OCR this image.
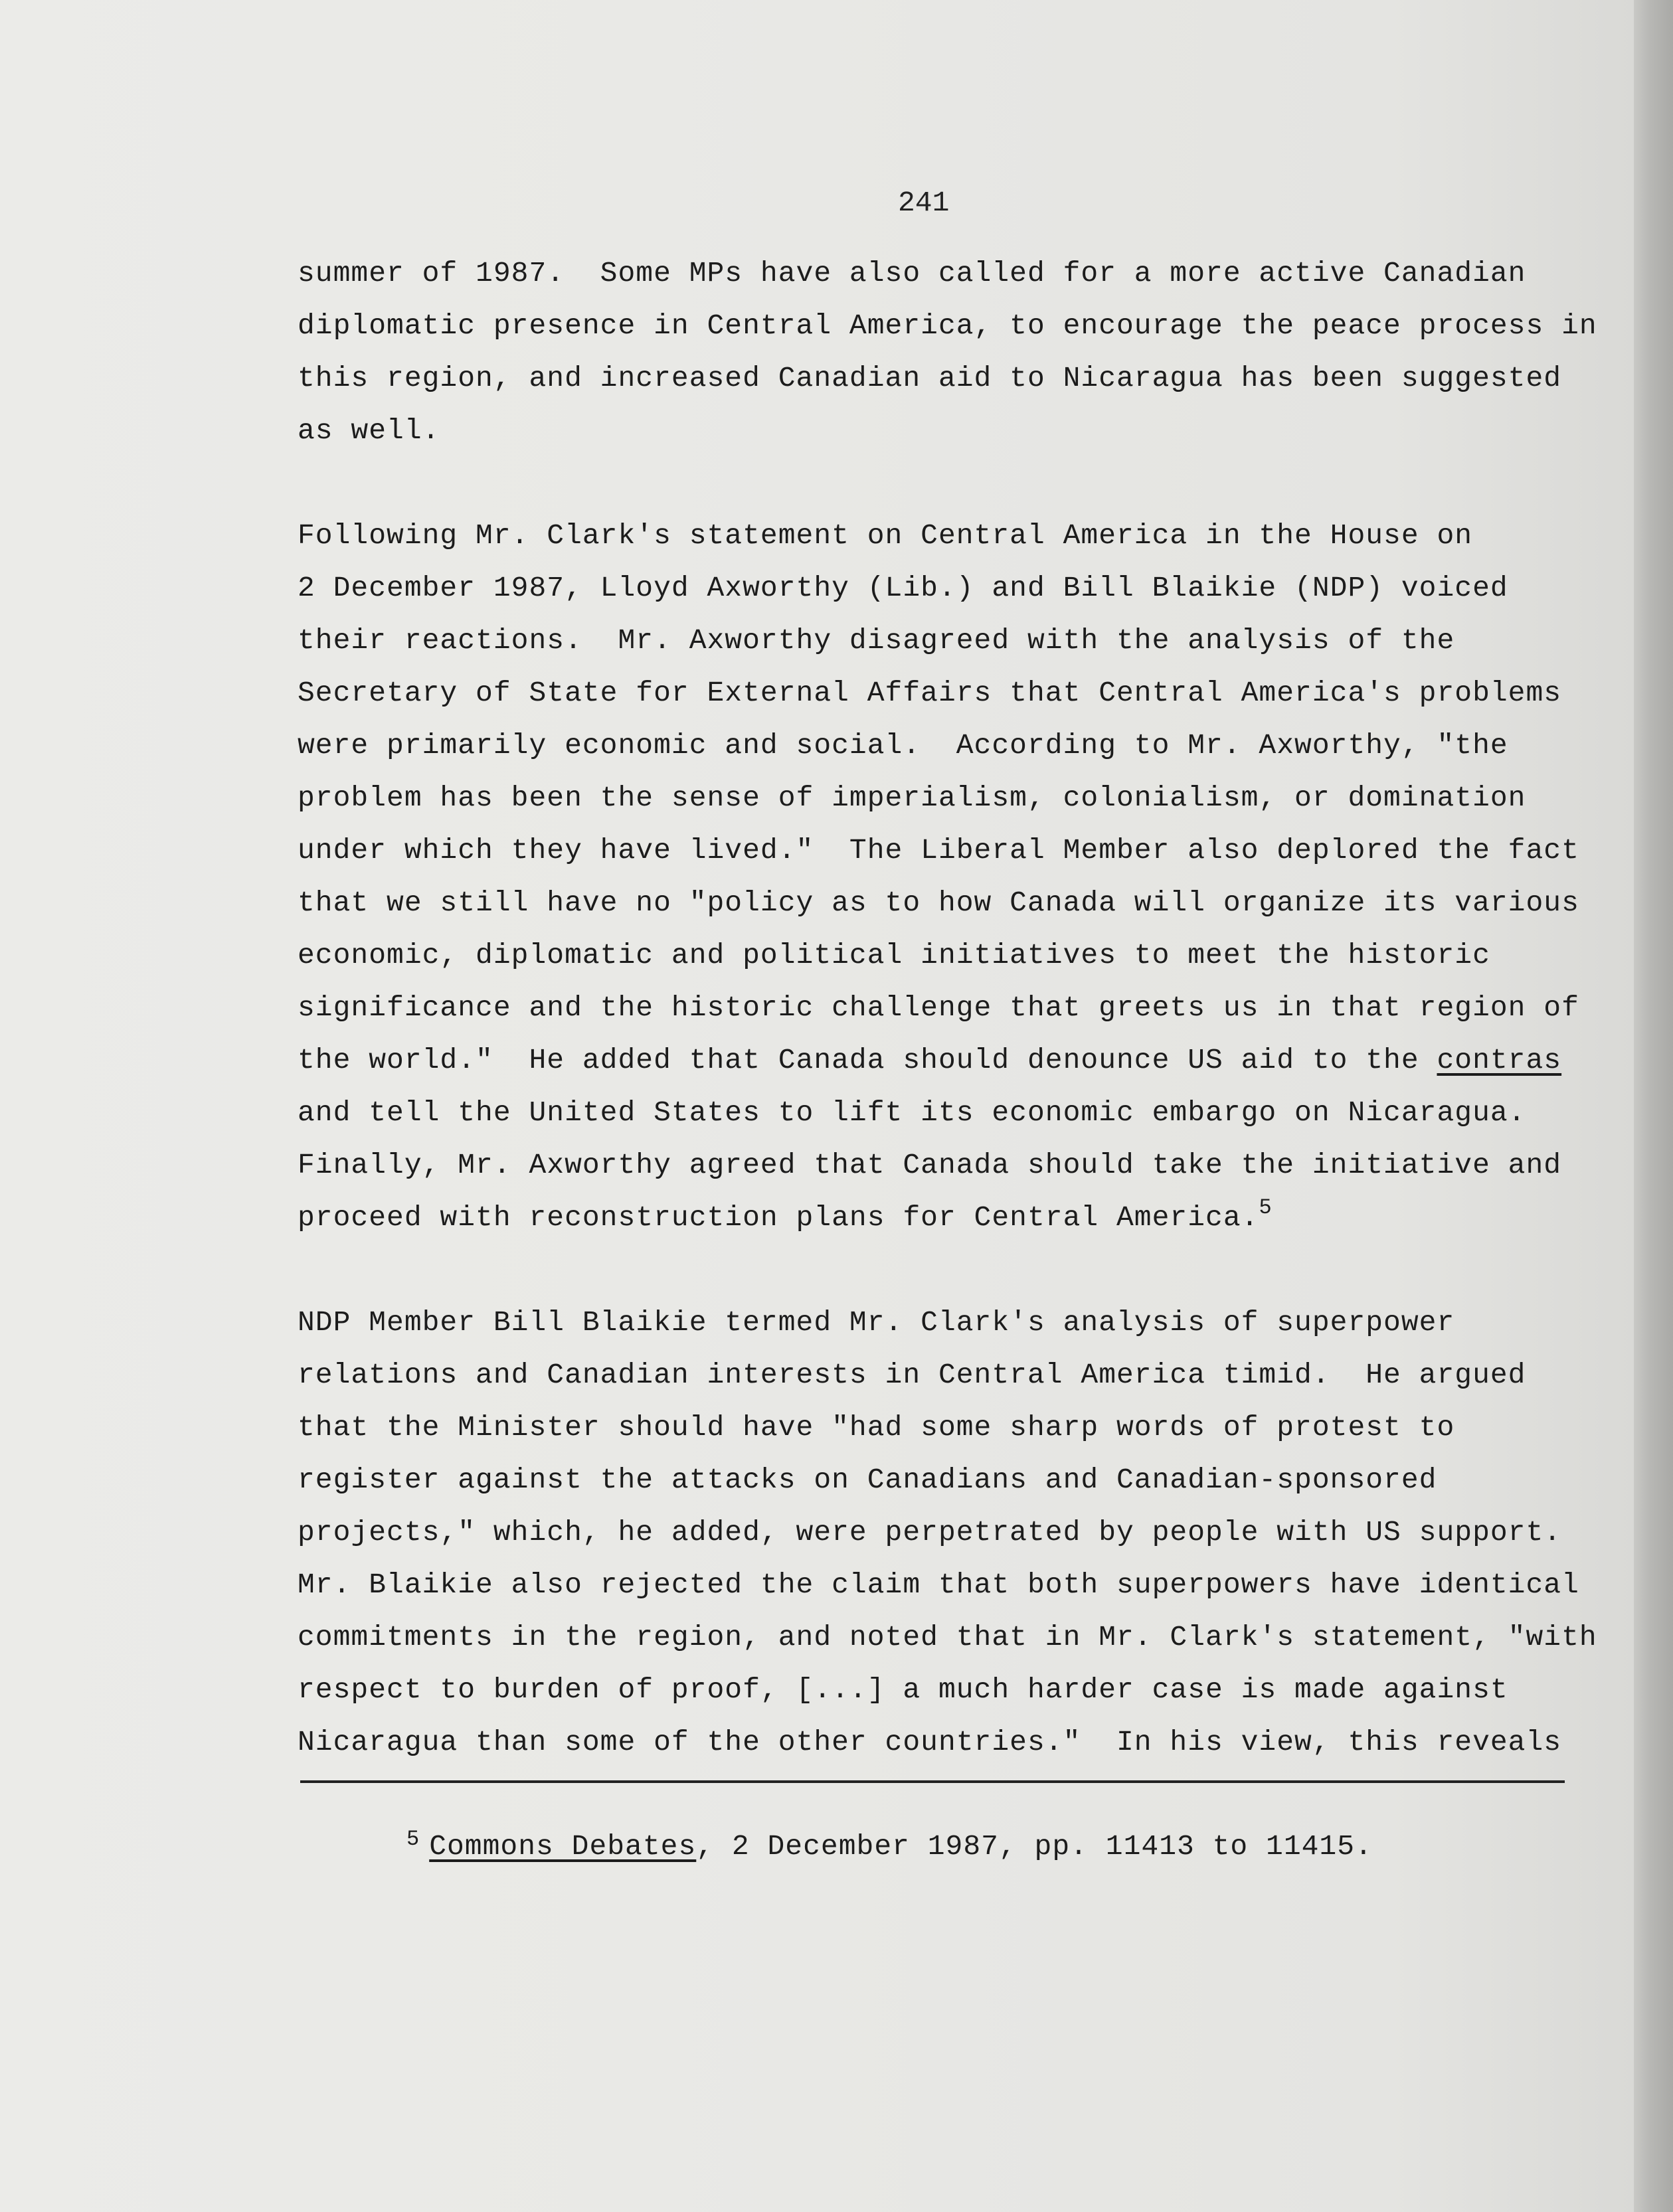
241
summer of 1987.  Some MPs have also called for a more active Canadian
diplomatic presence in Central America, to encourage the peace process in
this region, and increased Canadian aid to Nicaragua has been suggested
as well.
Following Mr. Clark's statement on Central America in the House on
2 December 1987, Lloyd Axworthy (Lib.) and Bill Blaikie (NDP) voiced
their reactions.  Mr. Axworthy disagreed with the analysis of the
Secretary of State for External Affairs that Central America's problems
were primarily economic and social.  According to Mr. Axworthy, "the
problem has been the sense of imperialism, colonialism, or domination
under which they have lived."  The Liberal Member also deplored the fact
that we still have no "policy as to how Canada will organize its various
economic, diplomatic and political initiatives to meet the historic
significance and the historic challenge that greets us in that region of
the world."  He added that Canada should denounce US aid to the contras
and tell the United States to lift its economic embargo on Nicaragua.
Finally, Mr. Axworthy agreed that Canada should take the initiative and
proceed with reconstruction plans for Central America.$^5$
NDP Member Bill Blaikie termed Mr. Clark's analysis of superpower
relations and Canadian interests in Central America timid.  He argued
that the Minister should have "had some sharp words of protest to
register against the attacks on Canadians and Canadian-sponsored
projects," which, he added, were perpetrated by people with US support.
Mr. Blaikie also rejected the claim that both superpowers have identical
commitments in the region, and noted that in Mr. Clark's statement, "with
respect to burden of proof, [...] a much harder case is made against
Nicaragua than some of the other countries."  In his view, this reveals
$^5$ Commons Debates, 2 December 1987, pp. 11413 to 11415.
